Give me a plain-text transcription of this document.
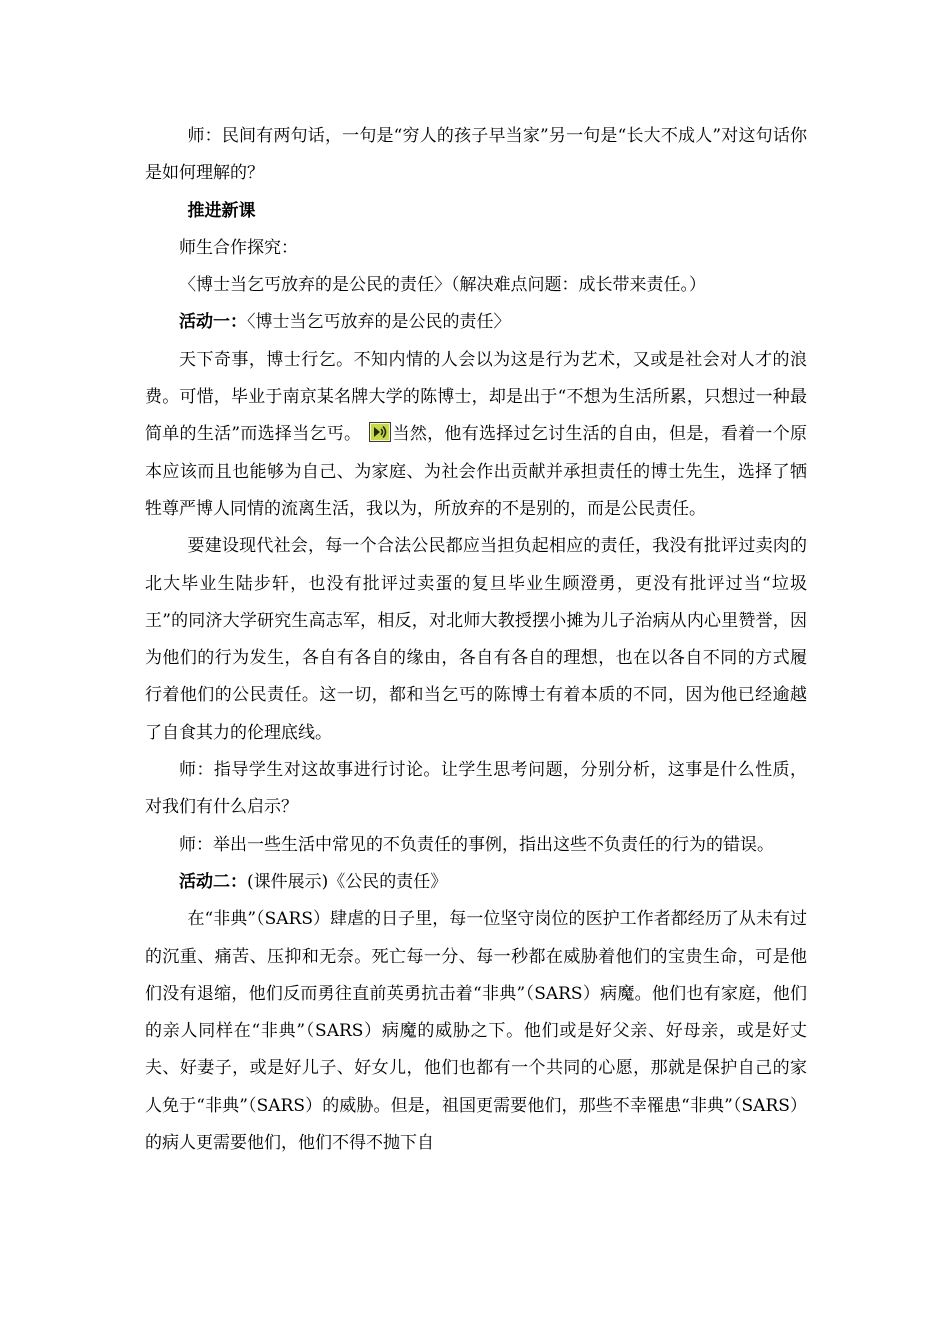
师：民间有两句话，一句是“穷人的孩子早当家”另一句是“长大不成人”对这句话你是如何理解的？

推进新课

师生合作探究：

〈博士当乞丐放弃的是公民的责任〉（解决难点问题：成长带来责任。）

活动一：〈博士当乞丐放弃的是公民的责任〉

天下奇事，博士行乞。不知内情的人会以为这是行为艺术，又或是社会对人才的浪费。可惜，毕业于南京某名牌大学的陈博士，却是出于“不想为生活所累，只想过一种最简单的生活”而选择当乞丐。 当然，他有选择过乞讨生活的自由，但是，看着一个原本应该而且也能够为自己、为家庭、为社会作出贡献并承担责任的博士先生，选择了牺牲尊严博人同情的流离生活，我以为，所放弃的不是别的，而是公民责任。

要建设现代社会，每一个合法公民都应当担负起相应的责任，我没有批评过卖肉的北大毕业生陆步轩，也没有批评过卖蛋的复旦毕业生顾澄勇，更没有批评过当“垃圾王”的同济大学研究生高志军，相反，对北师大教授摆小摊为儿子治病从内心里赞誉，因为他们的行为发生，各自有各自的缘由，各自有各自的理想，也在以各自不同的方式履行着他们的公民责任。这一切，都和当乞丐的陈博士有着本质的不同，因为他已经逾越了自食其力的伦理底线。

师：指导学生对这故事进行讨论。让学生思考问题，分别分析，这事是什么性质，对我们有什么启示？

师：举出一些生活中常见的不负责任的事例，指出这些不负责任的行为的错误。

活动二：(课件展示)《公民的责任》

在“非典”（SARS）肆虐的日子里，每一位坚守岗位的医护工作者都经历了从未有过的沉重、痛苦、压抑和无奈。死亡每一分、每一秒都在威胁着他们的宝贵生命，可是他们没有退缩，他们反而勇往直前英勇抗击着“非典”（SARS）病魔。他们也有家庭，他们的亲人同样在“非典”（SARS）病魔的威胁之下。他们或是好父亲、好母亲，或是好丈夫、好妻子，或是好儿子、好女儿，他们也都有一个共同的心愿，那就是保护自己的家人免于“非典”（SARS）的威胁。但是，祖国更需要他们，那些不幸罹患“非典”（SARS）的病人更需要他们，他们不得不抛下自
